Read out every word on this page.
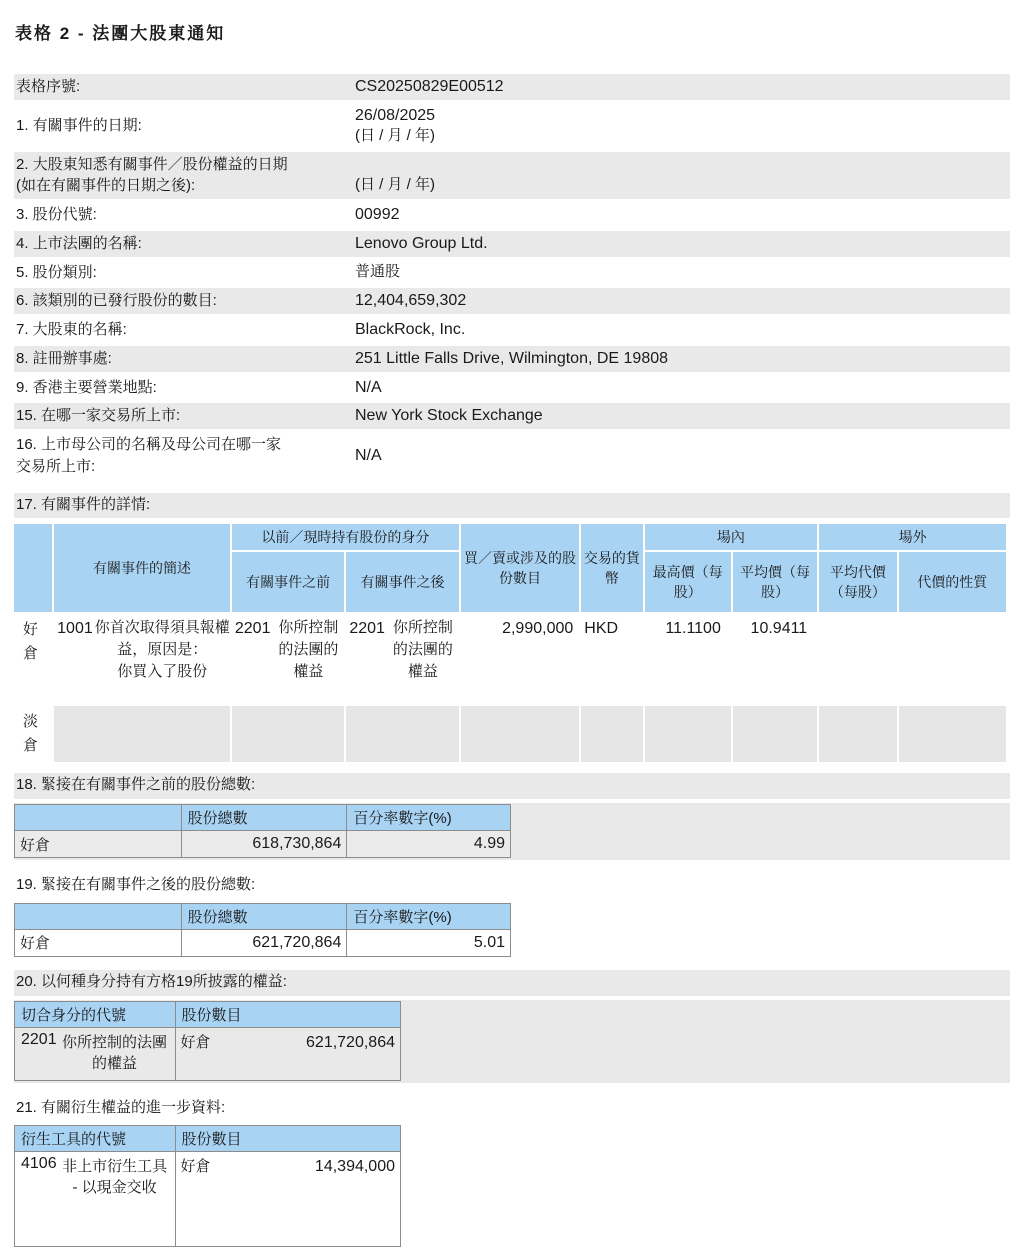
表格 2 - 法團大股東通知
表格序號:	CS20250829E00512
1. 有關事件的日期:
26/08/2025
(日 / 月 / 年)
2. 大股東知悉有關事件／股份權益的日期
(如在有關事件的日期之後):	(日 / 月 / 年)
3. 股份代號:	00992
4. 上市法團的名稱:	Lenovo Group Ltd.
5. 股份類別:	普通股
6. 該類別的已發行股份的數目:	12,404,659,302
7. 大股東的名稱:	BlackRock, Inc.
8. 註冊辦事處:	251 Little Falls Drive, Wilmington, DE 19808
9. 香港主要營業地點:	N/A
15. 在哪一家交易所上市:	New York Stock Exchange
16. 上市母公司的名稱及母公司在哪一家
交易所上市:
N/A
17. 有關事件的詳情:
	有關事件的簡述	以前／現時持有股份的身分		買／賣或涉及的股份數目	交易的貨幣	場內		場外	
		有關事件之前	有關事件之後			最高價（每股）	平均價（每股）	平均代價（每股）	代價的性質
好倉	1001 你首次取得須具報權益，原因是：
你買入了股份	2201 你所控制的法團的權益	2201 你所控制的法團的權益	2,990,000	HKD	11.1100	10.9411		
淡倉									
18. 緊接在有關事件之前的股份總數:
	股份總數	百分率數字(%)
好倉	618,730,864	4.99
19. 緊接在有關事件之後的股份總數:
	股份總數	百分率數字(%)
好倉	621,720,864	5.01
20. 以何種身分持有方格19所披露的權益:
切合身分的代號	股份數目

2201 你所控制的法團的權益	好倉 621,720,864
21. 有關衍生權益的進一步資料:
衍生工具的代號	股份數目

4106 非上市衍生工具 - 以現金交收	好倉 14,394,000
